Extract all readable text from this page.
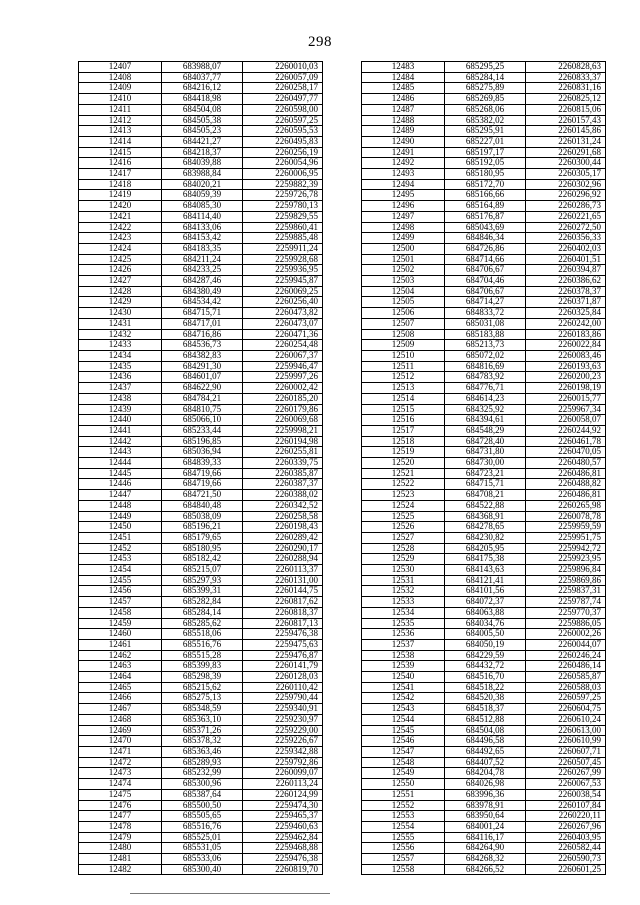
298
12407	683988,07	2260010,03
12408	684037,77	2260057,09
12409	684216,12	2260258,17
12410	684418,98	2260497,77
12411	684504,08	2260598,00
12412	684505,38	2260597,25
12413	684505,23	2260595,53
12414	684421,27	2260495,83
12415	684218,37	2260256,19
12416	684039,88	2260054,96
12417	683988,84	2260006,95
12418	684020,21	2259882,39
12419	684059,39	2259726,78
12420	684085,30	2259780,13
12421	684114,40	2259829,55
12422	684133,06	2259860,41
12423	684153,42	2259885,48
12424	684183,35	2259911,24
12425	684211,24	2259928,68
12426	684233,25	2259936,95
12427	684287,46	2259945,87
12428	684380,49	2260069,25
12429	684534,42	2260256,40
12430	684715,71	2260473,82
12431	684717,01	2260473,07
12432	684716,86	2260471,36
12433	684536,73	2260254,48
12434	684382,83	2260067,37
12435	684291,30	2259946,47
12436	684601,07	2259997,26
12437	684622,90	2260002,42
12438	684784,21	2260185,20
12439	684810,75	2260179,86
12440	685066,10	2260069,68
12441	685233,44	2259998,21
12442	685196,85	2260194,98
12443	685036,94	2260255,81
12444	684839,33	2260339,75
12445	684719,66	2260385,87
12446	684719,66	2260387,37
12447	684721,50	2260388,02
12448	684840,48	2260342,52
12449	685038,09	2260258,58
12450	685196,21	2260198,43
12451	685179,65	2260289,42
12452	685180,95	2260290,17
12453	685182,42	2260288,94
12454	685215,07	2260113,37
12455	685297,93	2260131,00
12456	685399,31	2260144,75
12457	685282,84	2260817,62
12458	685284,14	2260818,37
12459	685285,62	2260817,13
12460	685518,06	2259476,38
12461	685516,76	2259475,63
12462	685515,28	2259476,87
12463	685399,83	2260141,79
12464	685298,39	2260128,03
12465	685215,62	2260110,42
12466	685275,13	2259790,44
12467	685348,59	2259340,91
12468	685363,10	2259230,97
12469	685371,26	2259229,00
12470	685378,32	2259226,67
12471	685363,46	2259342,88
12472	685289,93	2259792,86
12473	685232,99	2260099,07
12474	685300,96	2260113,24
12475	685387,64	2260124,99
12476	685500,50	2259474,30
12477	685505,65	2259465,37
12478	685516,76	2259460,63
12479	685525,01	2259462,84
12480	685531,05	2259468,88
12481	685533,06	2259476,38
12482	685300,40	2260819,70
12483	685295,25	2260828,63
12484	685284,14	2260833,37
12485	685275,89	2260831,16
12486	685269,85	2260825,12
12487	685268,06	2260815,06
12488	685382,02	2260157,43
12489	685295,91	2260145,86
12490	685227,01	2260131,24
12491	685197,17	2260291,68
12492	685192,05	2260300,44
12493	685180,95	2260305,17
12494	685172,70	2260302,96
12495	685166,66	2260296,92
12496	685164,89	2260286,73
12497	685176,87	2260221,65
12498	685043,69	2260272,50
12499	684846,34	2260356,33
12500	684726,86	2260402,03
12501	684714,66	2260401,51
12502	684706,67	2260394,87
12503	684704,46	2260386,62
12504	684706,67	2260378,37
12505	684714,27	2260371,87
12506	684833,72	2260325,84
12507	685031,08	2260242,00
12508	685183,88	2260183,86
12509	685213,73	2260022,84
12510	685072,02	2260083,46
12511	684816,69	2260193,63
12512	684783,92	2260200,23
12513	684776,71	2260198,19
12514	684614,23	2260015,77
12515	684325,92	2259967,34
12516	684394,61	2260058,07
12517	684548,29	2260244,92
12518	684728,40	2260461,78
12519	684731,80	2260470,05
12520	684730,00	2260480,57
12521	684723,21	2260486,81
12522	684715,71	2260488,82
12523	684708,21	2260486,81
12524	684522,88	2260265,98
12525	684368,91	2260078,78
12526	684278,65	2259959,59
12527	684230,82	2259951,75
12528	684205,95	2259942,72
12529	684175,38	2259923,95
12530	684143,63	2259896,84
12531	684121,41	2259869,86
12532	684101,56	2259837,31
12533	684072,37	2259787,74
12534	684063,88	2259770,37
12535	684034,76	2259886,05
12536	684005,50	2260002,26
12537	684050,19	2260044,07
12538	684229,59	2260246,24
12539	684432,72	2260486,14
12540	684516,70	2260585,87
12541	684518,22	2260588,03
12542	684520,38	2260597,25
12543	684518,37	2260604,75
12544	684512,88	2260610,24
12545	684504,08	2260613,00
12546	684496,58	2260610,99
12547	684492,65	2260607,71
12548	684407,52	2260507,45
12549	684204,78	2260267,99
12550	684026,98	2260067,53
12551	683996,36	2260038,54
12552	683978,91	2260107,84
12553	683950,64	2260220,11
12554	684001,24	2260267,96
12555	684116,17	2260403,95
12556	684264,90	2260582,44
12557	684268,32	2260590,73
12558	684266,52	2260601,25
